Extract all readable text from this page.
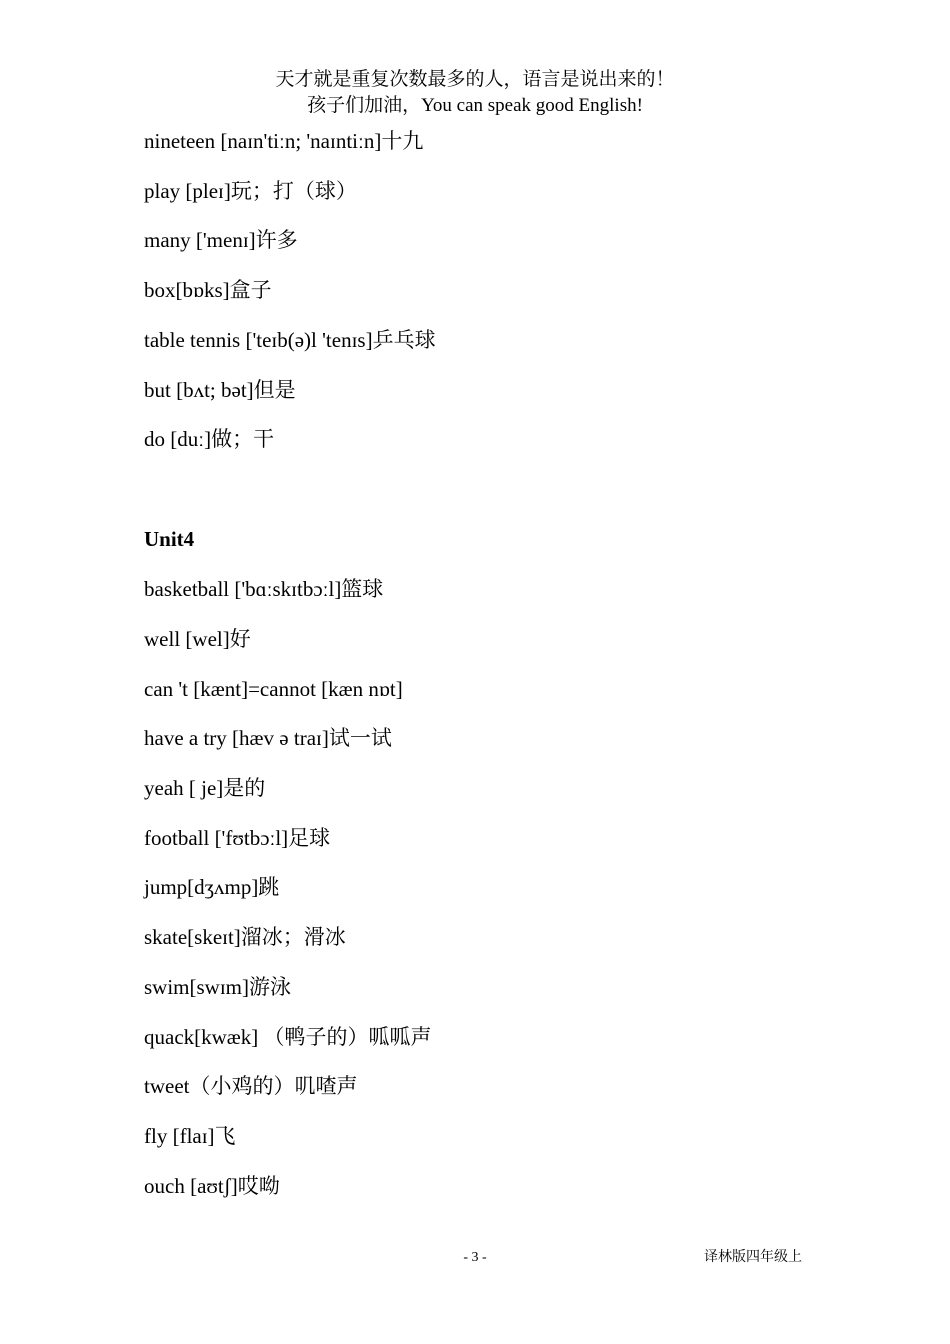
天才就是重复次数最多的人，语言是说出来的！
孩子们加油，You can speak good English!
nineteen [naɪn'tiːn; 'naɪntiːn]十九
play [pleɪ]玩；打（球）
many ['menɪ]许多
box[bɒks]盒子
table tennis ['teɪb(ə)l 'tenɪs]乒乓球
but [bʌt; bət]但是
do [duː]做；干
Unit4
basketball ['bɑːskɪtbɔːl]篮球
well [wel]好
can 't [kænt]=cannot [kæn nɒt]
have a try [hæv ə traɪ]试一试
yeah [ je]是的
football ['fʊtbɔːl]足球
jump[dʒʌmp]跳
skate[skeɪt]溜冰；滑冰
swim[swɪm]游泳
quack[kwæk] （鸭子的）呱呱声
tweet（小鸡的）叽喳声
fly [flaɪ]飞
ouch [aʊtʃ]哎呦
- 3 -	译林版四年级上
